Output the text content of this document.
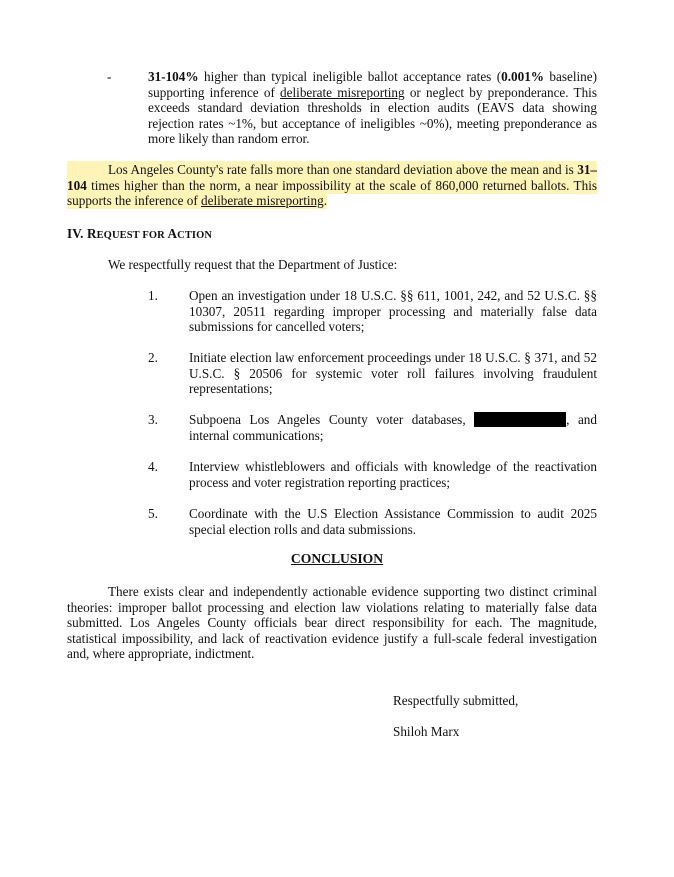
-	31-104% higher than typical ineligible ballot acceptance rates (0.001% baseline) supporting inference of deliberate misreporting or neglect by preponderance. This exceeds standard deviation thresholds in election audits (EAVS data showing rejection rates ~1%, but acceptance of ineligibles ~0%), meeting preponderance as more likely than random error.
Los Angeles County's rate falls more than one standard deviation above the mean and is 31–104 times higher than the norm, a near impossibility at the scale of 860,000 returned ballots. This supports the inference of deliberate misreporting.
IV. REQUEST FOR ACTION
We respectfully request that the Department of Justice:
1. Open an investigation under 18 U.S.C. §§ 611, 1001, 242, and 52 U.S.C. §§ 10307, 20511 regarding improper processing and materially false data submissions for cancelled voters;
2. Initiate election law enforcement proceedings under 18 U.S.C. § 371, and 52 U.S.C. § 20506 for systemic voter roll failures involving fraudulent representations;
3. Subpoena Los Angeles County voter databases,	, and internal communications;
4. Interview whistleblowers and officials with knowledge of the reactivation process and voter registration reporting practices;
5. Coordinate with the U.S Election Assistance Commission to audit 2025 special election rolls and data submissions.
CONCLUSION
There exists clear and independently actionable evidence supporting two distinct criminal theories: improper ballot processing and election law violations relating to materially false data submitted. Los Angeles County officials bear direct responsibility for each. The magnitude, statistical impossibility, and lack of reactivation evidence justify a full-scale federal investigation and, where appropriate, indictment.
Respectfully submitted,
Shiloh Marx
